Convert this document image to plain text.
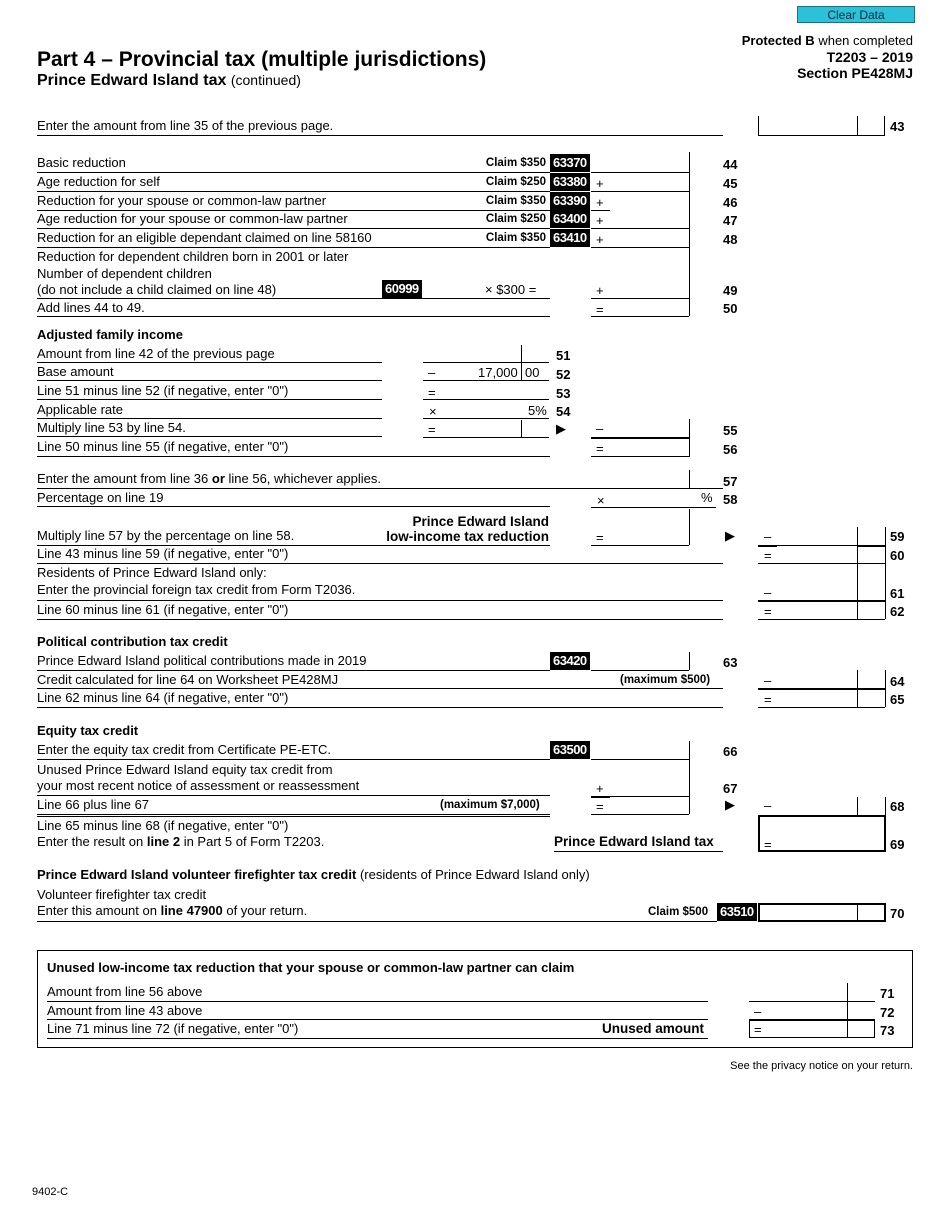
Clear Data
Protected B when completed
T2203 – 2019
Section PE428MJ
Part 4 – Provincial tax (multiple jurisdictions)
Prince Edward Island tax (continued)
Enter the amount from line 35 of the previous page.	43
Basic reduction	Claim $350 63370	44
Age reduction for self	Claim $250 63380 +	45
Reduction for your spouse or common-law partner	Claim $350 63390 +	46
Age reduction for your spouse or common-law partner	Claim $250 63400 +	47
Reduction for an eligible dependant claimed on line 58160	Claim $350 63410 +	48
Reduction for dependent children born in 2001 or later
Number of dependent children
(do not include a child claimed on line 48)	60999	× $300 =	+	49
Add lines 44 to 49.	=	50
Adjusted family income
Amount from line 42 of the previous page	51
Base amount	–	17,000 00 52
Line 51 minus line 52 (if negative, enter "0")	=	53
Applicable rate	×	5% 54
Multiply line 53 by line 54.	=	▶ –	55
Line 50 minus line 55 (if negative, enter "0")	=	56
Enter the amount from line 36 or line 56, whichever applies.	57
Percentage on line 19	×	% 58
Multiply line 57 by the percentage on line 58.
Prince Edward Island
low-income tax reduction	=	▶ –	59
Line 43 minus line 59 (if negative, enter "0")	=	60
Residents of Prince Edward Island only:
Enter the provincial foreign tax credit from Form T2036.	–	61
Line 60 minus line 61 (if negative, enter "0")	=	62
Political contribution tax credit
Prince Edward Island political contributions made in 2019	63420	63
Credit calculated for line 64 on Worksheet PE428MJ	(maximum $500)	–	64
Line 62 minus line 64 (if negative, enter "0")	=	65
Equity tax credit
Enter the equity tax credit from Certificate PE-ETC.	63500	66
Unused Prince Edward Island equity tax credit from
your most recent notice of assessment or reassessment	+	67
Line 66 plus line 67	(maximum $7,000)	=	▶ –	68
Line 65 minus line 68 (if negative, enter "0")
Enter the result on line 2 in Part 5 of Form T2203.	Prince Edward Island tax	=	69
Prince Edward Island volunteer firefighter tax credit (residents of Prince Edward Island only)
Volunteer firefighter tax credit
Enter this amount on line 47900 of your return.	Claim $500 63510	70
Unused low-income tax reduction that your spouse or common-law partner can claim
Amount from line 56 above	71
Amount from line 43 above	–	72
Line 71 minus line 72 (if negative, enter "0")	Unused amount	=	73
See the privacy notice on your return.
9402-C
